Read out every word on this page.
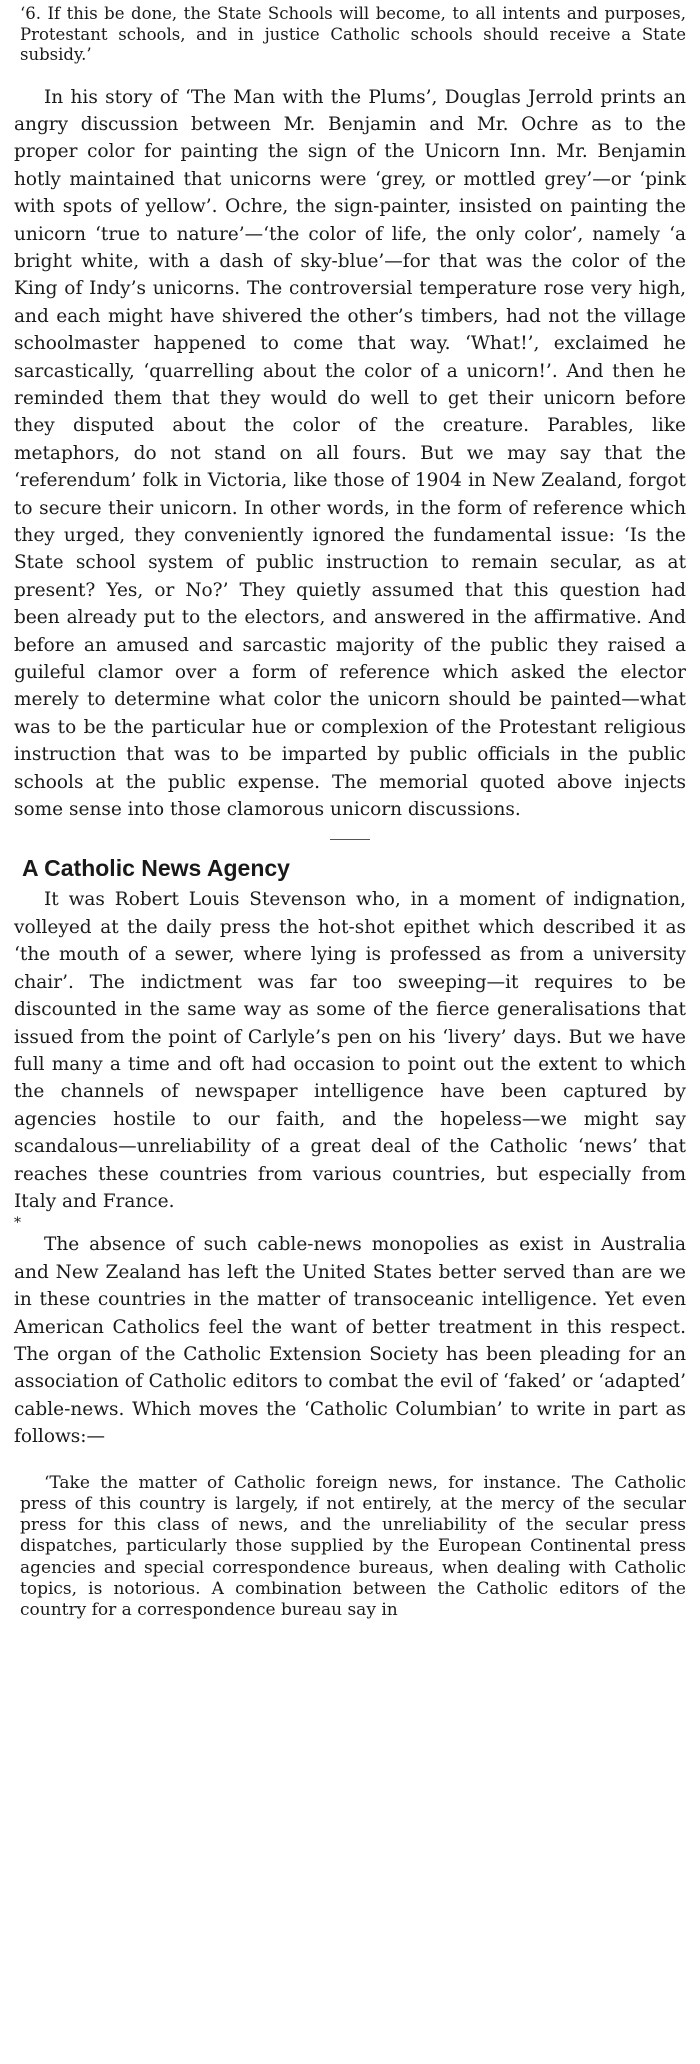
‘6. If this be done, the State Schools will become, to all intents and purposes, Protestant schools, and in justice Catholic schools should receive a State subsidy.’

In his story of ‘The Man with the Plums’, Douglas Jerrold prints an angry discussion between Mr. Benjamin and Mr. Ochre as to the proper color for painting the sign of the Unicorn Inn. Mr. Benjamin hotly maintained that unicorns were ‘grey, or mottled grey’—or ‘pink with spots of yellow’. Ochre, the sign-painter, insisted on painting the unicorn ‘true to nature’—‘the color of life, the only color’, namely ‘a bright white, with a dash of sky-blue’—for that was the color of the King of Indy’s unicorns. The controversial temperature rose very high, and each might have shivered the other’s timbers, had not the village schoolmaster happened to come that way. ‘What!’, exclaimed he sarcastically, ‘quarrelling about the color of a unicorn!’. And then he reminded them that they would do well to get their unicorn before they disputed about the color of the creature. Parables, like metaphors, do not stand on all fours. But we may say that the ‘referendum’ folk in Victoria, like those of 1904 in New Zealand, forgot to secure their unicorn. In other words, in the form of reference which they urged, they conveniently ignored the fundamental issue: ‘Is the State school system of public instruction to remain secular, as at present? Yes, or No?’ They quietly assumed that this question had been already put to the electors, and answered in the affirmative. And before an amused and sarcastic majority of the public they raised a guileful clamor over a form of reference which asked the elector merely to determine what color the unicorn should be painted—what was to be the particular hue or complexion of the Protestant religious instruction that was to be imparted by public officials in the public schools at the public expense. The memorial quoted above injects some sense into those clamorous unicorn discussions.

A Catholic News Agency

It was Robert Louis Stevenson who, in a moment of indignation, volleyed at the daily press the hot-shot epithet which described it as ‘the mouth of a sewer, where lying is professed as from a university chair’. The indictment was far too sweeping—it requires to be discounted in the same way as some of the fierce generalisations that issued from the point of Carlyle’s pen on his ‘livery’ days. But we have full many a time and oft had occasion to point out the extent to which the channels of newspaper intelligence have been captured by agencies hostile to our faith, and the hopeless—we might say scandalous—unreliability of a great deal of the Catholic ‘news’ that reaches these countries from various countries, but especially from Italy and France.

*

The absence of such cable-news monopolies as exist in Australia and New Zealand has left the United States better served than are we in these countries in the matter of transoceanic intelligence. Yet even American Catholics feel the want of better treatment in this respect. The organ of the Catholic Extension Society has been pleading for an association of Catholic editors to combat the evil of ‘faked’ or ‘adapted’ cable-news. Which moves the ‘Catholic Columbian’ to write in part as follows:—

‘Take the matter of Catholic foreign news, for instance. The Catholic press of this country is largely, if not entirely, at the mercy of the secular press for this class of news, and the unreliability of the secular press dispatches, particularly those supplied by the European Continental press agencies and special correspondence bureaus, when dealing with Catholic topics, is notorious. A combination between the Catholic editors of the country for a correspondence bureau say in
